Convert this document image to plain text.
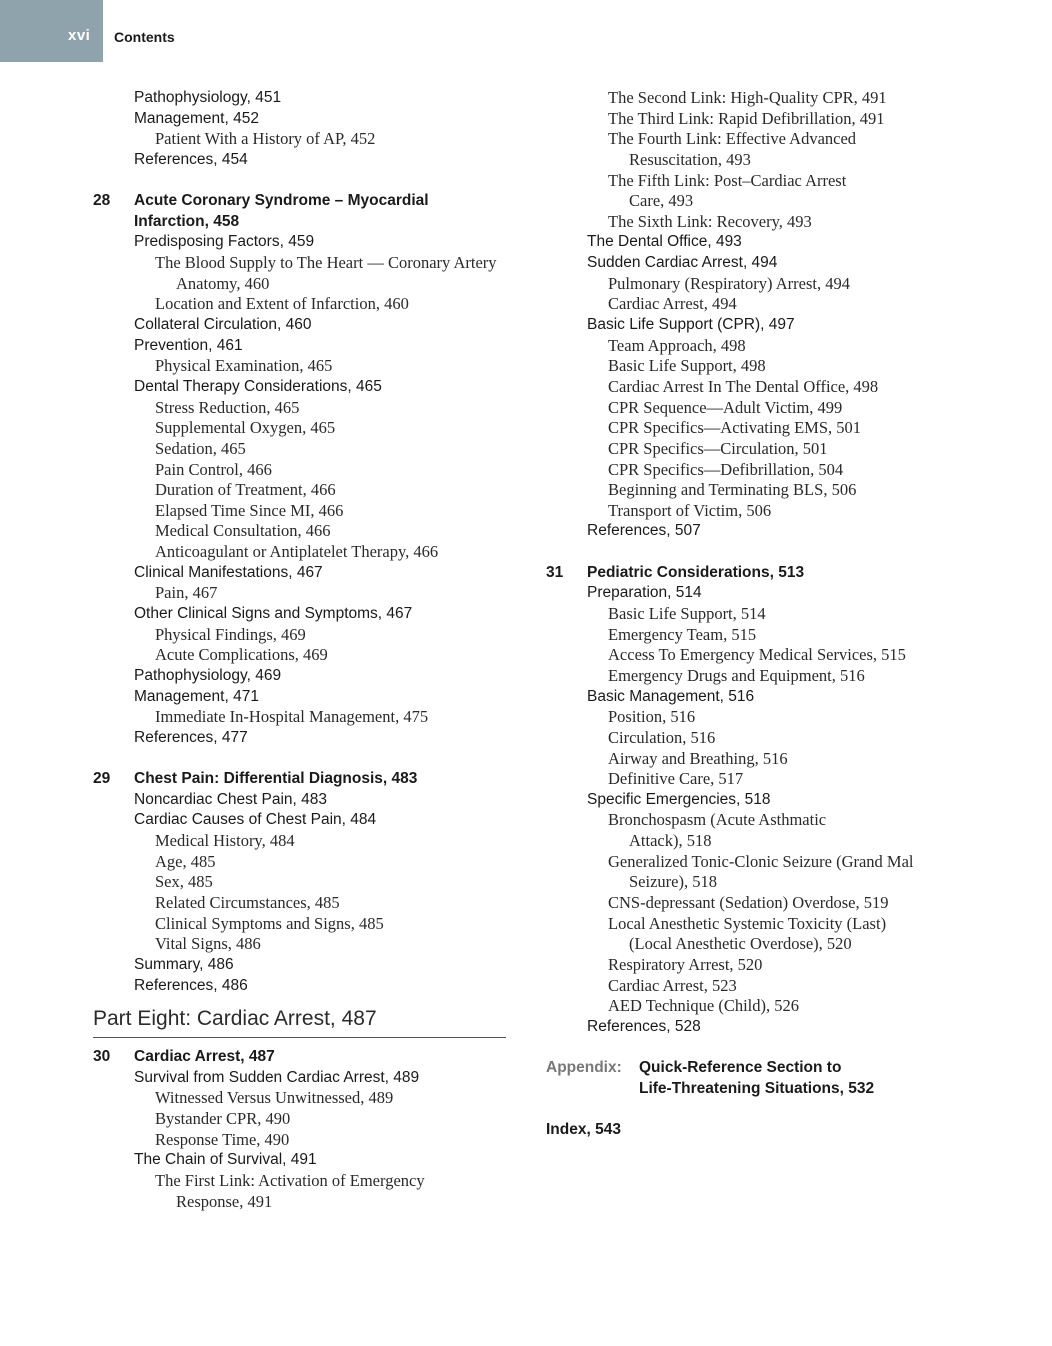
xvi	Contents
Pathophysiology, 451
Management, 452
Patient With a History of AP, 452
References, 454
28 Acute Coronary Syndrome – Myocardial
Infarction, 458
Predisposing Factors, 459
The Blood Supply to The Heart — Coronary Artery
Anatomy, 460
Location and Extent of Infarction, 460
Collateral Circulation, 460
Prevention, 461
Physical Examination, 465
Dental Therapy Considerations, 465
Stress Reduction, 465
Supplemental Oxygen, 465
Sedation, 465
Pain Control, 466
Duration of Treatment, 466
Elapsed Time Since MI, 466
Medical Consultation, 466
Anticoagulant or Antiplatelet Therapy, 466
Clinical Manifestations, 467
Pain, 467
Other Clinical Signs and Symptoms, 467
Physical Findings, 469
Acute Complications, 469
Pathophysiology, 469
Management, 471
Immediate In-Hospital Management, 475
References, 477
29 Chest Pain: Differential Diagnosis, 483
Noncardiac Chest Pain, 483
Cardiac Causes of Chest Pain, 484
Medical History, 484
Age, 485
Sex, 485
Related Circumstances, 485
Clinical Symptoms and Signs, 485
Vital Signs, 486
Summary, 486
References, 486
Part Eight: Cardiac Arrest, 487
30 Cardiac Arrest, 487
Survival from Sudden Cardiac Arrest, 489
Witnessed Versus Unwitnessed, 489
Bystander CPR, 490
Response Time, 490
The Chain of Survival, 491
The First Link: Activation of Emergency
Response, 491
The Second Link: High-Quality CPR, 491
The Third Link: Rapid Defibrillation, 491
The Fourth Link: Effective Advanced
Resuscitation, 493
The Fifth Link: Post–Cardiac Arrest
Care, 493
The Sixth Link: Recovery, 493
The Dental Office, 493
Sudden Cardiac Arrest, 494
Pulmonary (Respiratory) Arrest, 494
Cardiac Arrest, 494
Basic Life Support (CPR), 497
Team Approach, 498
Basic Life Support, 498
Cardiac Arrest In The Dental Office, 498
CPR Sequence—Adult Victim, 499
CPR Specifics—Activating EMS, 501
CPR Specifics—Circulation, 501
CPR Specifics—Defibrillation, 504
Beginning and Terminating BLS, 506
Transport of Victim, 506
References, 507
31 Pediatric Considerations, 513
Preparation, 514
Basic Life Support, 514
Emergency Team, 515
Access To Emergency Medical Services, 515
Emergency Drugs and Equipment, 516
Basic Management, 516
Position, 516
Circulation, 516
Airway and Breathing, 516
Definitive Care, 517
Specific Emergencies, 518
Bronchospasm (Acute Asthmatic
Attack), 518
Generalized Tonic-Clonic Seizure (Grand Mal
Seizure), 518
CNS-depressant (Sedation) Overdose, 519
Local Anesthetic Systemic Toxicity (Last)
(Local Anesthetic Overdose), 520
Respiratory Arrest, 520
Cardiac Arrest, 523
AED Technique (Child), 526
References, 528
Appendix: Quick-Reference Section to
Life-Threatening Situations, 532
Index, 543
